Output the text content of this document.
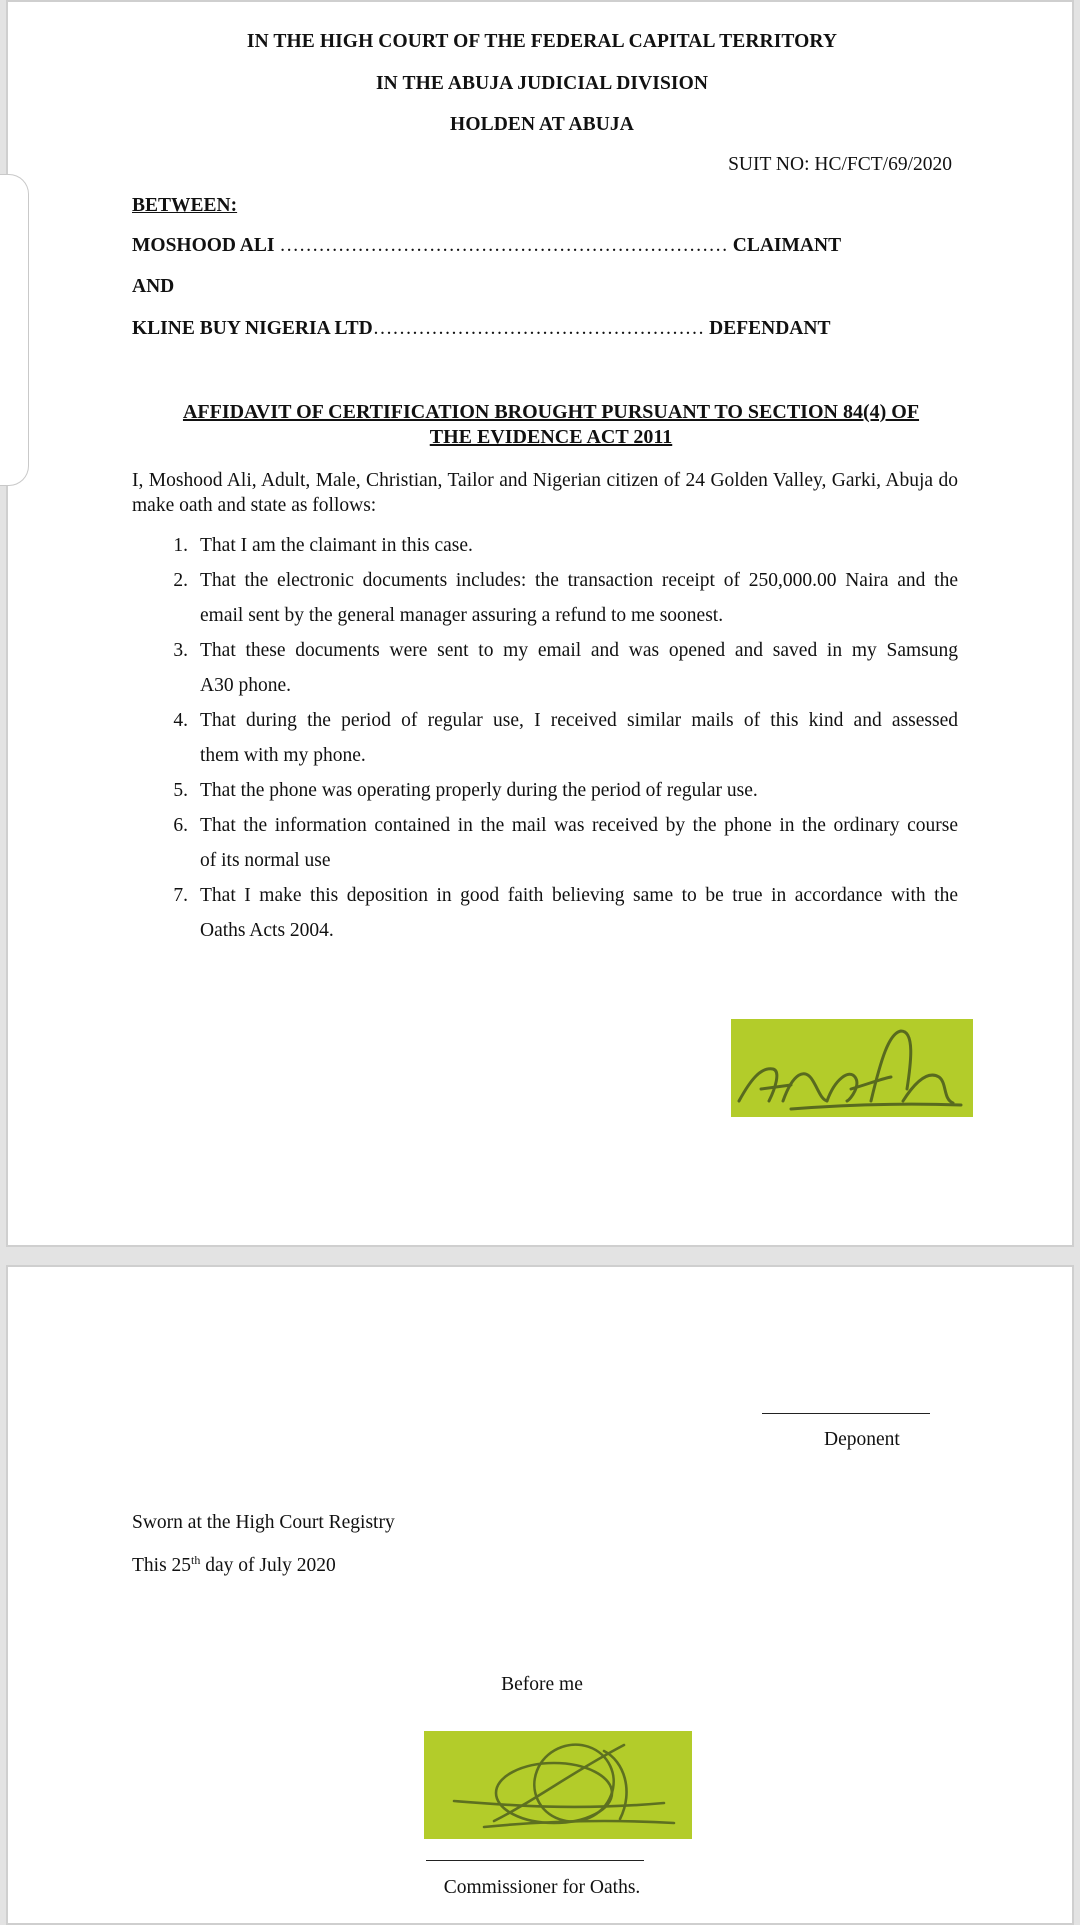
IN THE HIGH COURT OF THE FEDERAL CAPITAL TERRITORY
IN THE ABUJA JUDICIAL DIVISION
HOLDEN AT ABUJA
SUIT NO: HC/FCT/69/2020
BETWEEN:
MOSHOOD ALI …………………………………………………………… CLAIMANT
AND
KLINE BUY NIGERIA LTD…………………………………………… DEFENDANT
AFFIDAVIT OF CERTIFICATION BROUGHT PURSUANT TO SECTION 84(4) OF
THE EVIDENCE ACT 2011
I, Moshood Ali, Adult, Male, Christian, Tailor and Nigerian citizen of 24 Golden Valley, Garki, Abuja do make oath and state as follows:
1. That I am the claimant in this case.
2. That the electronic documents includes: the transaction receipt of 250,000.00 Naira and the
email sent by the general manager assuring a refund to me soonest.
3. That these documents were sent to my email and was opened and saved in my Samsung
A30 phone.
4. That during the period of regular use, I received similar mails of this kind and assessed
them with my phone.
5. That the phone was operating properly during the period of regular use.
6. That the information contained in the mail was received by the phone in the ordinary course
of its normal use
7. That I make this deposition in good faith believing same to be true in accordance with the
Oaths Acts 2004.
Deponent
Sworn at the High Court Registry
This 25th day of July 2020
Before me
Commissioner for Oaths.
